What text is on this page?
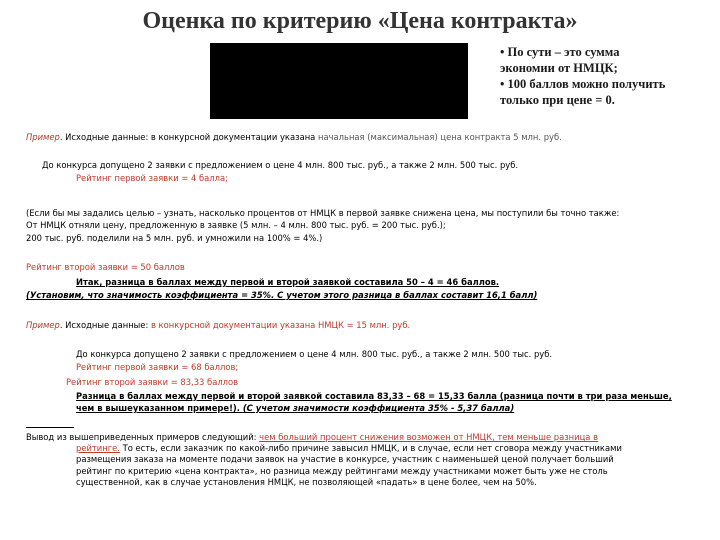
Оценка по критерию «Цена контракта»
• По сути – это сумма
экономии от НМЦК;
• 100 баллов можно получить
только при цене = 0.
Пример. Исходные данные: в конкурсной документации указана начальная (максимальная) цена контракта 5 млн. руб.
До конкурса допущено 2 заявки с предложением о цене 4 млн. 800 тыс. руб., а также 2 млн. 500 тыс. руб.
Рейтинг первой заявки = 4 балла;
(Если бы мы задались целью – узнать, насколько процентов от НМЦК в первой заявке снижена цена, мы поступили бы точно также:
От НМЦК отняли цену, предложенную в заявке (5 млн. – 4 млн. 800 тыс. руб. = 200 тыс. руб.);
200 тыс. руб. поделили на 5 млн. руб. и умножили на 100% = 4%.)
Рейтинг второй заявки = 50 баллов
Итак, разница в баллах между первой и второй заявкой составила 50 – 4 = 46 баллов.
(Установим, что значимость коэффициента = 35%. С учетом этого разница в баллах составит 16,1 балл)
Пример. Исходные данные: в конкурсной документации указана НМЦК = 15 млн. руб.
До конкурса допущено 2 заявки с предложением о цене 4 млн. 800 тыс. руб., а также 2 млн. 500 тыс. руб.
Рейтинг первой заявки = 68 баллов;
Рейтинг второй заявки = 83,33 баллов
Разница в баллах между первой и второй заявкой составила 83,33 – 68 = 15,33 балла (разница почти в три раза меньше,
чем в вышеуказанном примере!). (С учетом значимости коэффициента 35% - 5,37 балла)
Вывод из вышеприведенных примеров следующий: чем больший процент снижения возможен от НМЦК, тем меньше разница в
рейтинге. То есть, если заказчик по какой-либо причине завысил НМЦК, и в случае, если нет сговора между участниками
размещения заказа на моменте подачи заявок на участие в конкурсе, участник с наименьшей ценой получает больший
рейтинг по критерию «цена контракта», но разница между рейтингами между участниками может быть уже не столь
существенной, как в случае установления НМЦК, не позволяющей «падать» в цене более, чем на 50%.
